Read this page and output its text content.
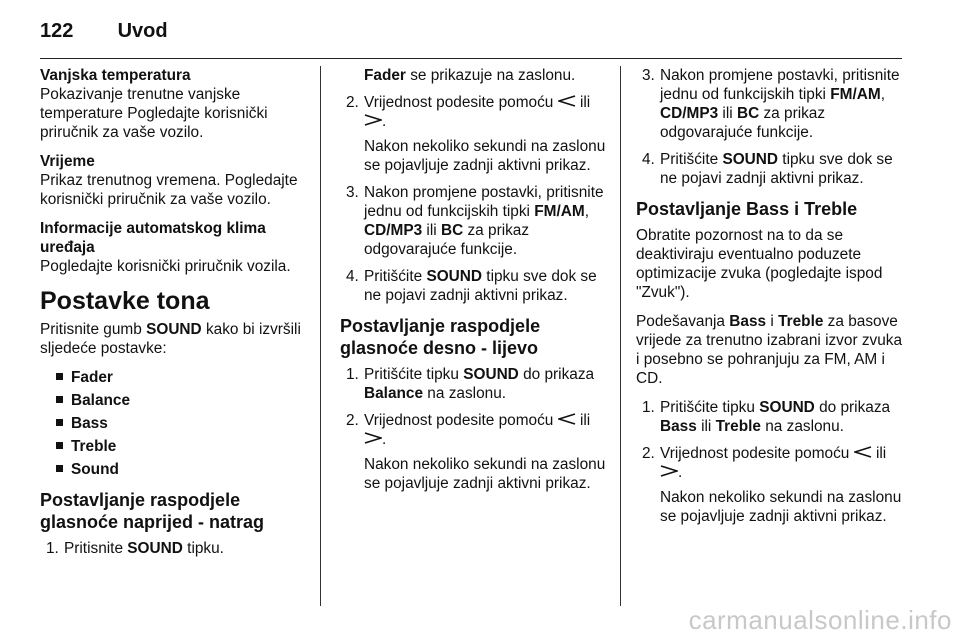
122 Uvod

Vanjska temperatura
Pokazivanje trenutne vanjske temperature Pogledajte korisnički priručnik za vaše vozilo.

Vrijeme
Prikaz trenutnog vremena. Pogledajte korisnički priručnik za vaše vozilo.

Informacije automatskog klima uređaja
Pogledajte korisnički priručnik vozila.

Postavke tona

Pritisnite gumb SOUND kako bi izvršili sljedeće postavke:

Fader
Balance
Bass
Treble
Sound
Postavljanje raspodjele glasnoće naprijed - natrag
1. Pritisnite SOUND tipku.
Fader se prikazuje na zaslonu.
2. Vrijednost podesite pomoću ili .
Nakon nekoliko sekundi na zaslonu se pojavljuje zadnji aktivni prikaz.
3. Nakon promjene postavki, pritisnite jednu od funkcijskih tipki FM/AM, CD/MP3 ili BC za prikaz odgovarajuće funkcije.
4. Pritišćite SOUND tipku sve dok se ne pojavi zadnji aktivni prikaz.
Postavljanje raspodjele glasnoće desno - lijevo
1. Pritišćite tipku SOUND do prikaza Balance na zaslonu.
2. Vrijednost podesite pomoću ili .
Nakon nekoliko sekundi na zaslonu se pojavljuje zadnji aktivni prikaz.
3. Nakon promjene postavki, pritisnite jednu od funkcijskih tipki FM/AM, CD/MP3 ili BC za prikaz odgovarajuće funkcije.
4. Pritišćite SOUND tipku sve dok se ne pojavi zadnji aktivni prikaz.
Postavljanje Bass i Treble

Obratite pozornost na to da se deaktiviraju eventualno poduzete optimizacije zvuka (pogledajte ispod "Zvuk").

Podešavanja Bass i Treble za basove vrijede za trenutno izabrani izvor zvuka i posebno se pohranjuju za FM, AM i CD.

1. Pritišćite tipku SOUND do prikaza Bass ili Treble na zaslonu.
2. Vrijednost podesite pomoću ili .
Nakon nekoliko sekundi na zaslonu se pojavljuje zadnji aktivni prikaz.
carmanualsonline.info
